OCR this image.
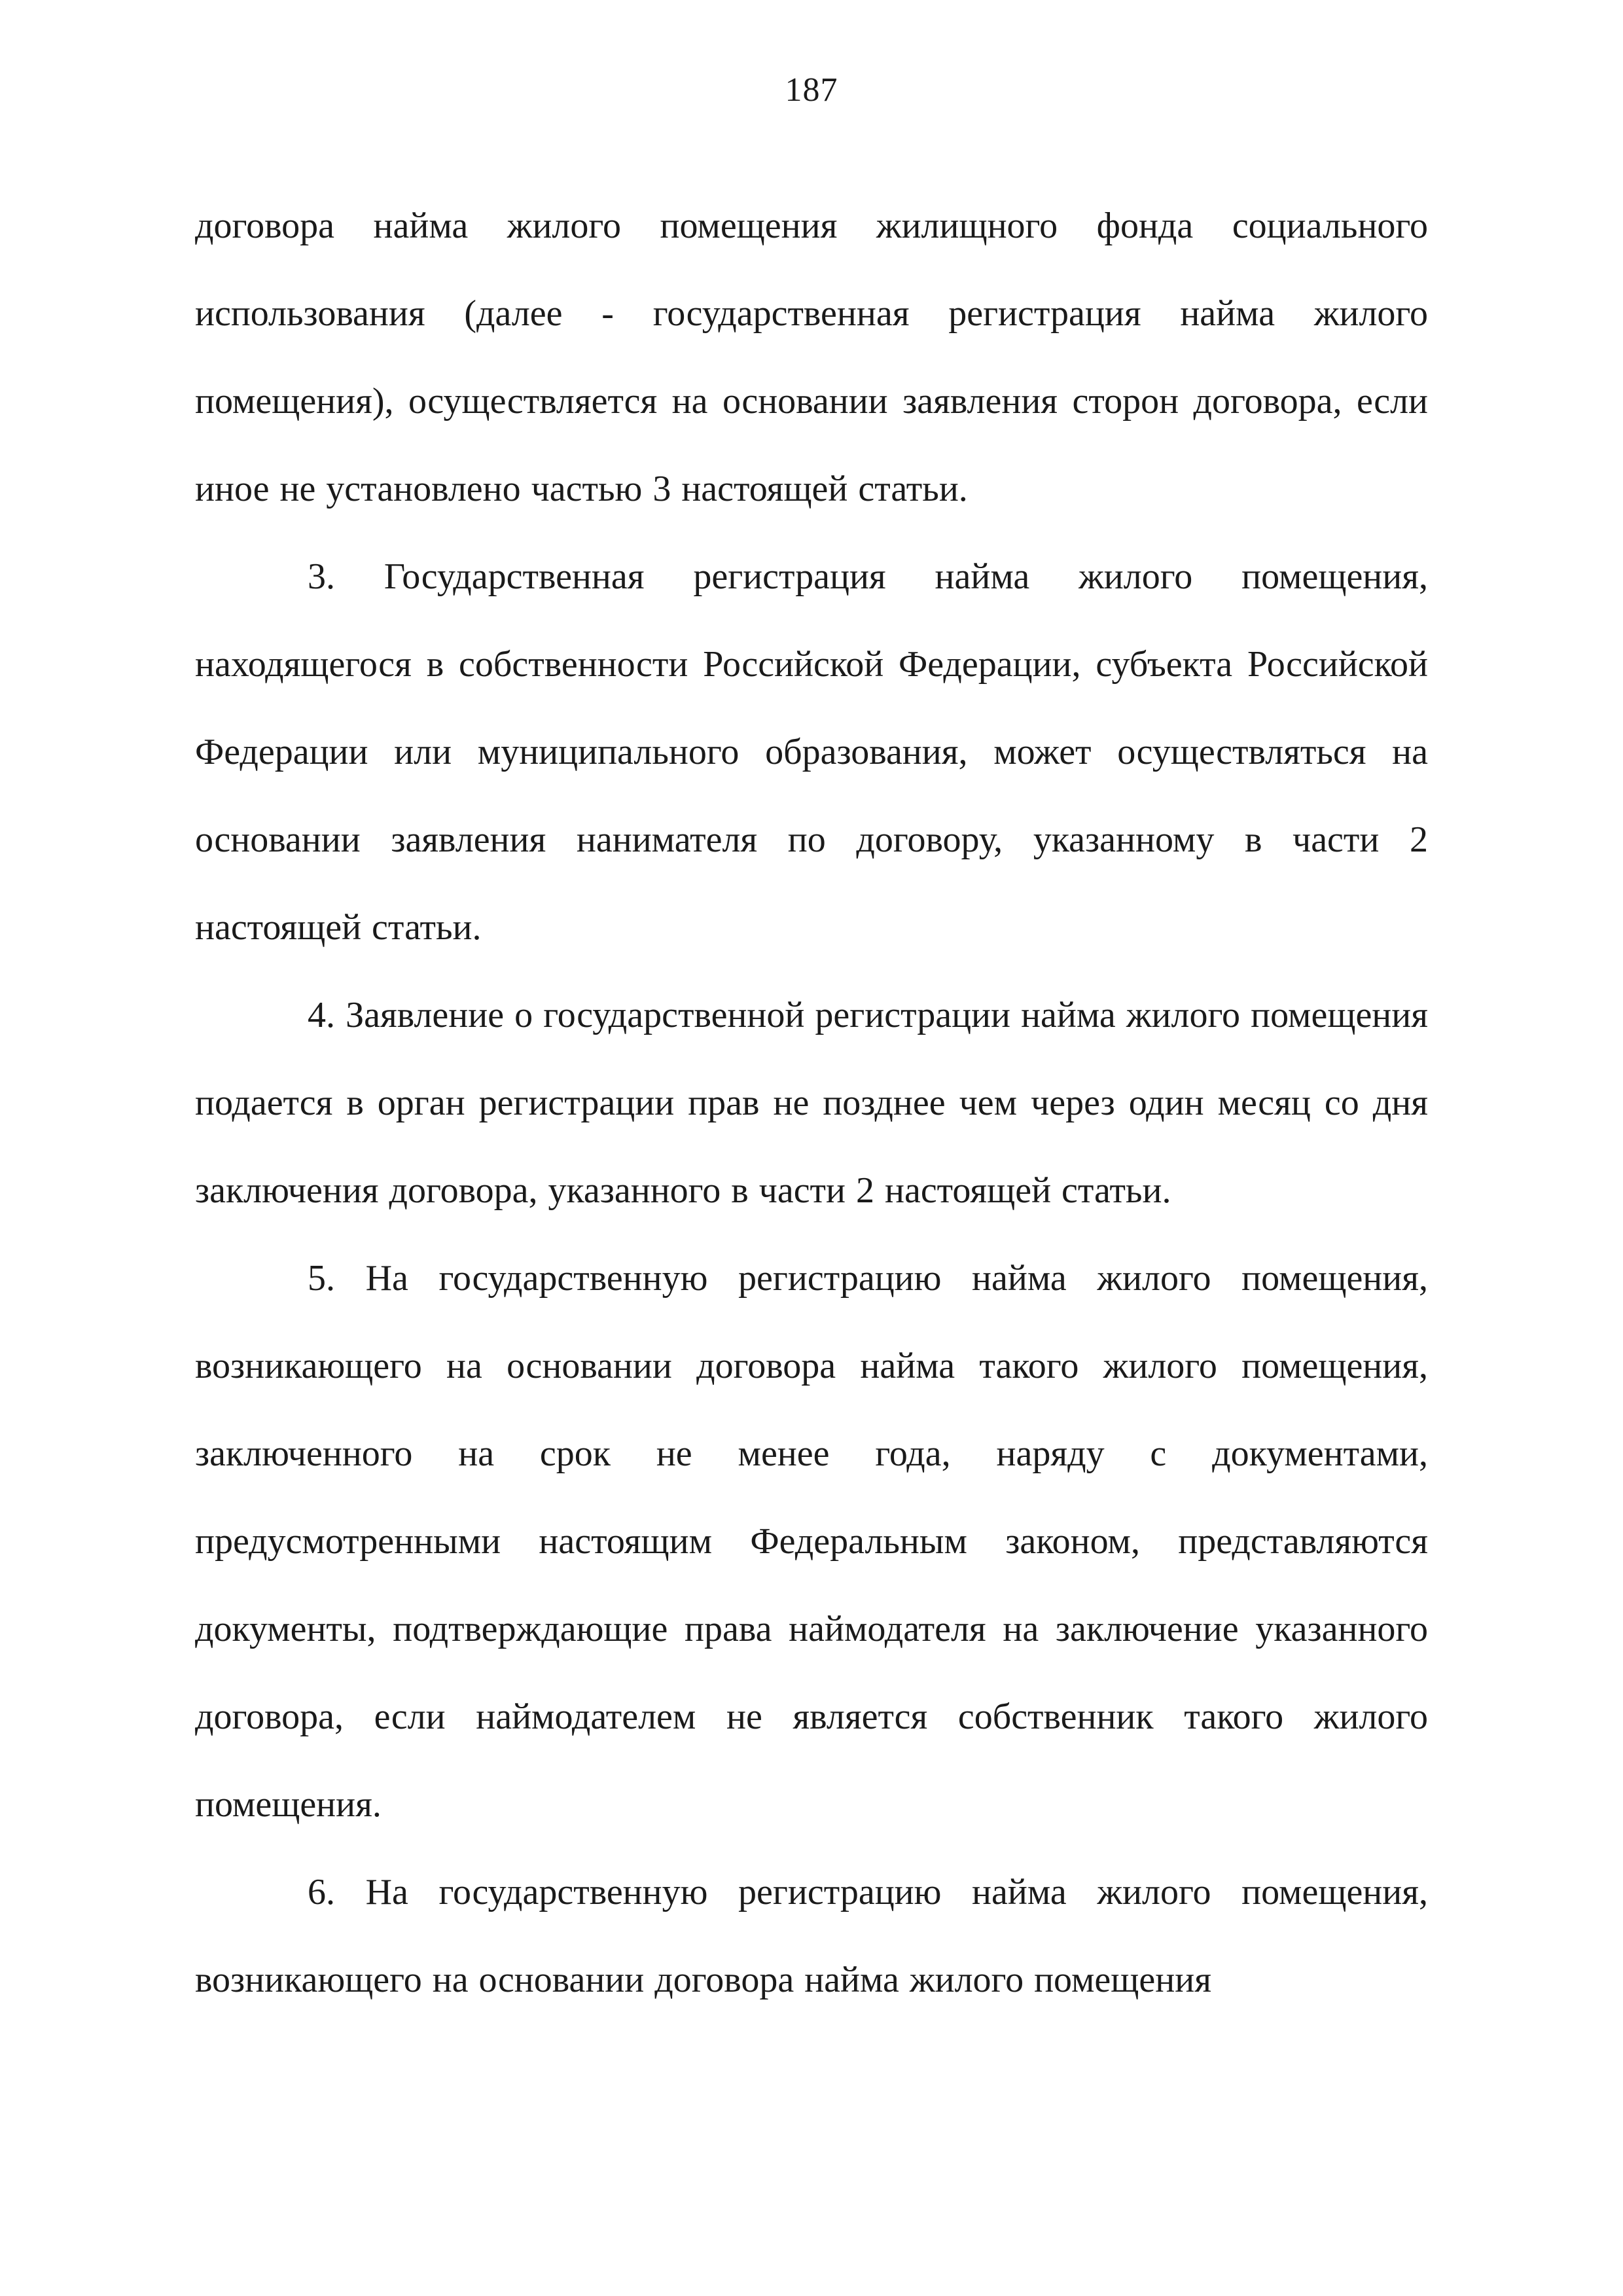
187

договора найма жилого помещения жилищного фонда социального использования (далее - государственная регистрация найма жилого помещения), осуществляется на основании заявления сторон договора, если иное не установлено частью 3 настоящей статьи.

3. Государственная регистрация найма жилого помещения, находящегося в собственности Российской Федерации, субъекта Российской Федерации или муниципального образования, может осуществляться на основании заявления нанимателя по договору, указанному в части 2 настоящей статьи.

4. Заявление о государственной регистрации найма жилого помещения подается в орган регистрации прав не позднее чем через один месяц со дня заключения договора, указанного в части 2 настоящей статьи.

5. На государственную регистрацию найма жилого помещения, возникающего на основании договора найма такого жилого помещения, заключенного на срок не менее года, наряду с документами, предусмотренными настоящим Федеральным законом, представляются документы, подтверждающие права наймодателя на заключение указанного договора, если наймодателем не является собственник такого жилого помещения.

6. На государственную регистрацию найма жилого помещения, возникающего на основании договора найма жилого помещения
